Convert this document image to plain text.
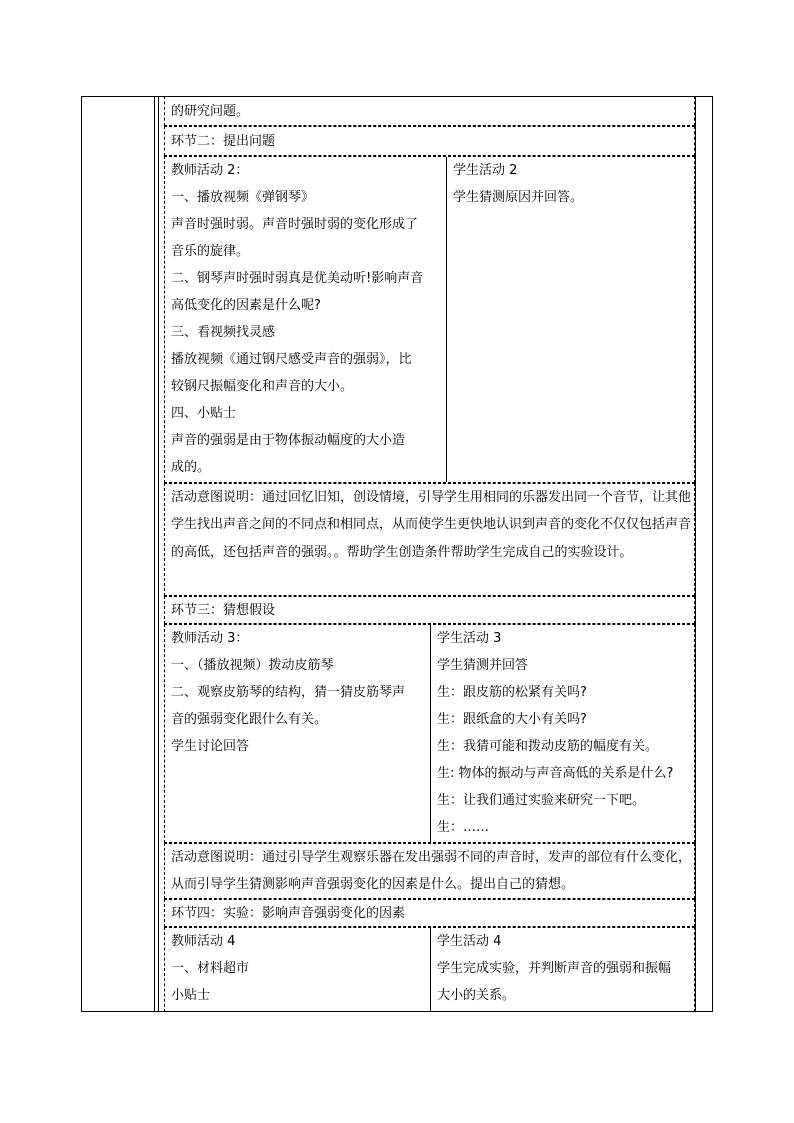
的研究问题。
环节二：提出问题
教师活动 2：
一、播放视频《弹钢琴》
声音时强时弱。声音时强时弱的变化形成了
音乐的旋律。
二、钢琴声时强时弱真是优美动听!影响声音
高低变化的因素是什么呢?
三、看视频找灵感
播放视频《通过钢尺感受声音的强弱》，比
较钢尺振幅变化和声音的大小。
四、小贴士
声音的强弱是由于物体振动幅度的大小造
成的。
学生活动 2
学生猜测原因并回答。
活动意图说明：通过回忆旧知，创设情境，引导学生用相同的乐器发出同一个音节，让其他学生找出声音之间的不同点和相同点，从而使学生更快地认识到声音的变化不仅仅包括声音的高低，还包括声音的强弱。。帮助学生创造条件帮助学生完成自己的实验设计。
环节三：猜想假设
教师活动 3：
一、（播放视频）拨动皮筋琴
二、观察皮筋琴的结构，猜一猜皮筋琴声
音的强弱变化跟什么有关。
学生讨论回答
学生活动 3
学生猜测并回答
生：跟皮筋的松紧有关吗?
生：跟纸盒的大小有关吗?
生：我猜可能和拨动皮筋的幅度有关。
生: 物体的振动与声音高低的关系是什么?
生：让我们通过实验来研究一下吧。
生：……
活动意图说明：通过引导学生观察乐器在发出强弱不同的声音时，发声的部位有什么变化，从而引导学生猜测影响声音强弱变化的因素是什么。提出自己的猜想。
环节四：实验：影响声音强弱变化的因素
教师活动 4
一、材料超市
小贴士
学生活动 4
学生完成实验，并判断声音的强弱和振幅
大小的关系。
